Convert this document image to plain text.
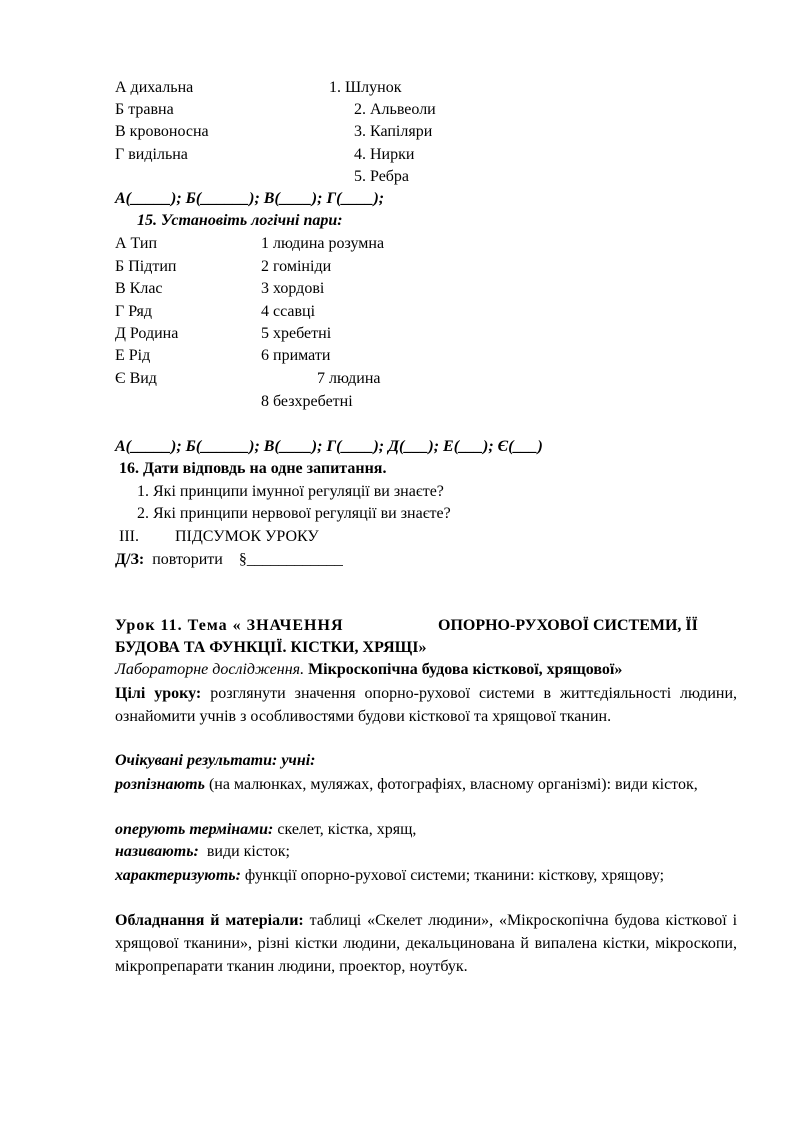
А дихальна
Б травна
В кровоносна
Г видільна
1. Шлунок
2. Альвеоли
3. Капіляри
4. Нирки
5. Ребра
А(_____); Б(______); В(____); Г(____);
15. Установіть логічні пари:
А Тип
Б Підтип
В Клас
Г Ряд
Д Родина
Е Рід
Є Вид
1 людина розумна
2 гомініди
3 хордові
4 ссавці
5 хребетні
6 примати
7 людина
8 безхребетні
А(_____); Б(______); В(____); Г(____); Д(___); Е(___); Є(___)
16. Дати відповдь на одне запитання.
1. Які принципи імунної регуляції ви знаєте?
2. Які принципи нервової регуляції ви знаєте?
ІІІ. ПІДСУМОК УРОКУ
Д/З: повторити §____________
Урок 11. Тема « ЗНАЧЕННЯ	ОПОРНО-РУХОВОЇ СИСТЕМИ, ЇЇ
БУДОВА ТА ФУНКЦІЇ. КІСТКИ, ХРЯЩІ»
Лабораторне дослідження. Мікроскопічна будова кісткової, хрящової»
Цілі уроку: розглянути значення опорно-рухової системи в життєдіяльності людини, ознайомити учнів з особливостями будови кісткової та хрящової тканин.
Очікувані результати: учні:
розпізнають (на малюнках, муляжах, фотографіях, власному організмі): види кісток,
оперують термінами: скелет, кістка, хрящ,
називають: види кісток;
характеризують: функції опорно-рухової системи; тканини: кісткову, хрящову;
Обладнання й матеріали: таблиці «Скелет людини», «Мікроскопічна будова кісткової і хрящової тканини», різні кістки людини, декальцинована й випалена кістки, мікроскопи, мікропрепарати тканин людини, проектор, ноутбук.
